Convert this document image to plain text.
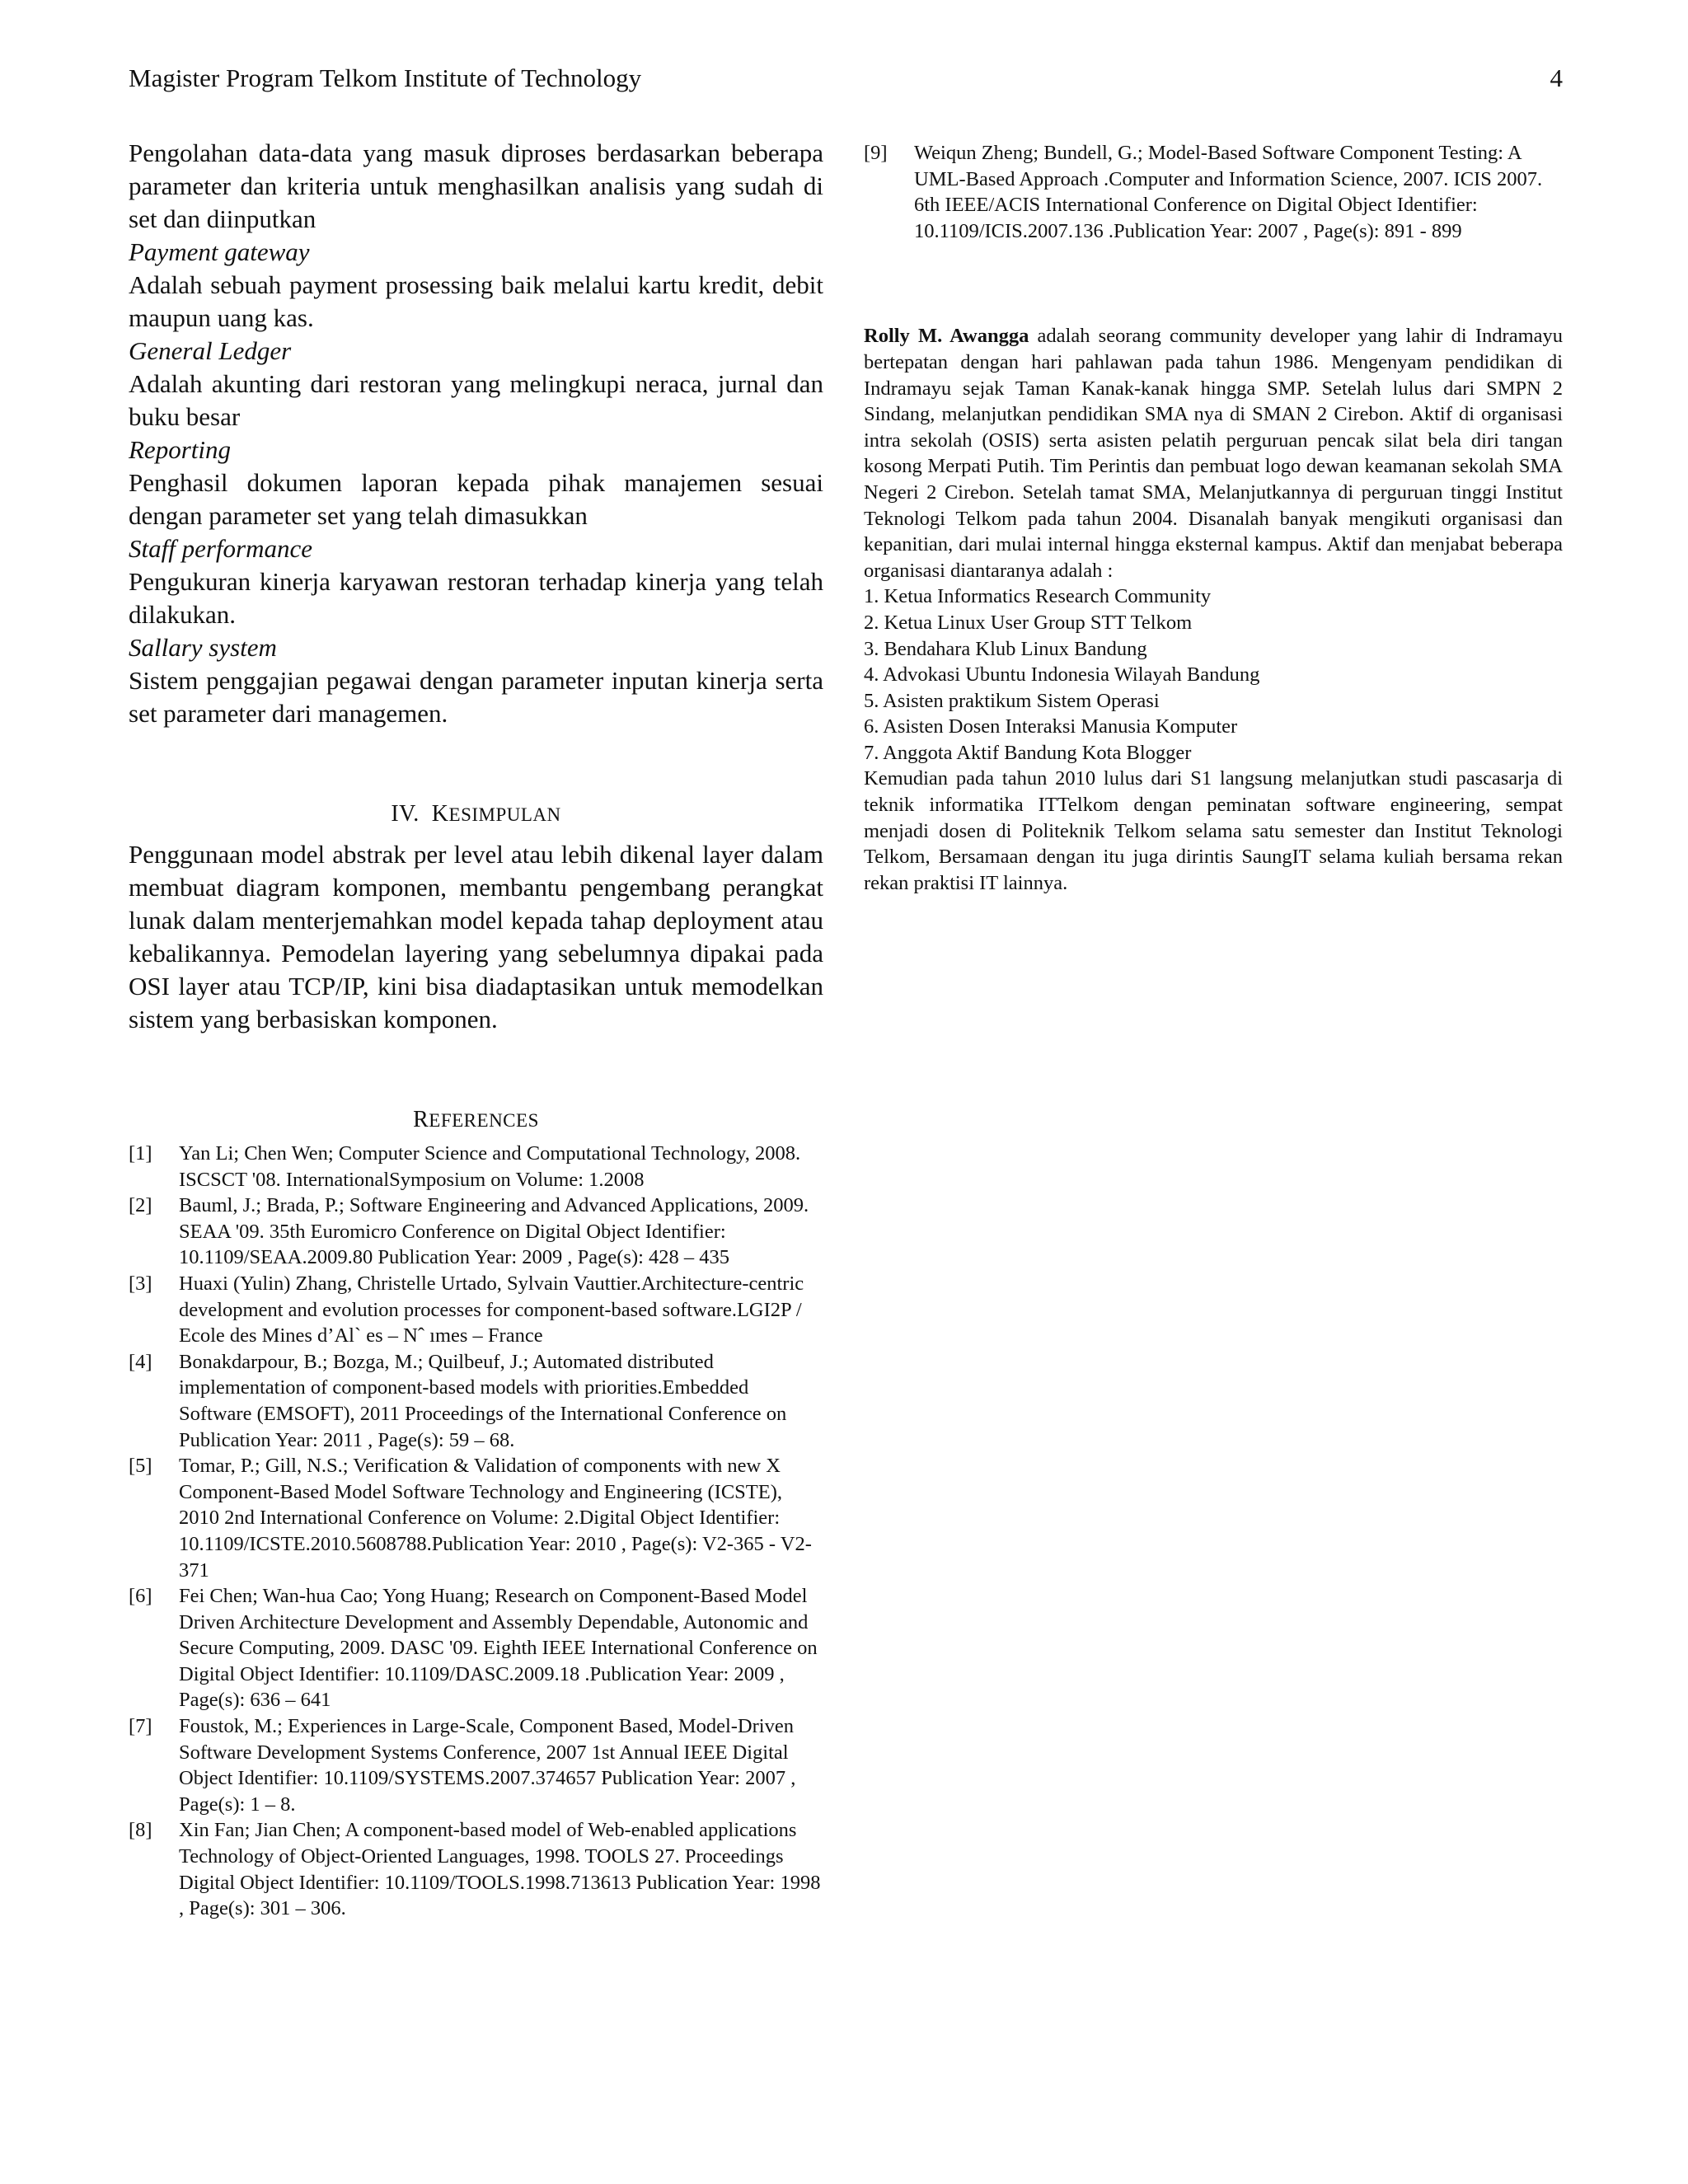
Magister Program Telkom Institute of Technology	4

Pengolahan data-data yang masuk diproses berdasarkan beberapa parameter dan kriteria untuk menghasilkan analisis yang sudah di set dan diinputkan

Payment gateway

Adalah sebuah payment prosessing baik melalui kartu kredit, debit maupun uang kas.

General Ledger

Adalah akunting dari restoran yang melingkupi neraca, jurnal dan buku besar

Reporting

Penghasil dokumen laporan kepada pihak manajemen sesuai dengan parameter set yang telah dimasukkan

Staff performance

Pengukuran kinerja karyawan restoran terhadap kinerja yang telah dilakukan.

Sallary system

Sistem penggajian pegawai dengan parameter inputan kinerja serta set parameter dari managemen.

IV. KESIMPULAN

Penggunaan model abstrak per level atau lebih dikenal layer dalam membuat diagram komponen, membantu pengembang perangkat lunak dalam menterjemahkan model kepada tahap deployment atau kebalikannya. Pemodelan layering yang sebelumnya dipakai pada OSI layer atau TCP/IP, kini bisa diadaptasikan untuk memodelkan sistem yang berbasiskan komponen.

REFERENCES

[1] Yan Li; Chen Wen; Computer Science and Computational Technology, 2008. ISCSCT '08. InternationalSymposium on Volume: 1.2008
[2] Bauml, J.; Brada, P.; Software Engineering and Advanced Applications, 2009. SEAA '09. 35th Euromicro Conference on Digital Object Identifier: 10.1109/SEAA.2009.80 Publication Year: 2009 , Page(s): 428 – 435
[3] Huaxi (Yulin) Zhang, Christelle Urtado, Sylvain Vauttier.Architecture-centric development and evolution processes for component-based software.LGI2P / Ecole des Mines d’Al` es – Nˆ ımes – France
[4] Bonakdarpour, B.; Bozga, M.; Quilbeuf, J.; Automated distributed implementation of component-based models with priorities.Embedded Software (EMSOFT), 2011 Proceedings of the International Conference on Publication Year: 2011 , Page(s): 59 – 68.
[5] Tomar, P.; Gill, N.S.; Verification & Validation of components with new X Component-Based Model Software Technology and Engineering (ICSTE), 2010 2nd International Conference on Volume: 2.Digital Object Identifier: 10.1109/ICSTE.2010.5608788.Publication Year: 2010 , Page(s): V2-365 - V2-371
[6] Fei Chen; Wan-hua Cao; Yong Huang; Research on Component-Based Model Driven Architecture Development and Assembly Dependable, Autonomic and Secure Computing, 2009. DASC '09. Eighth IEEE International Conference on Digital Object Identifier: 10.1109/DASC.2009.18 .Publication Year: 2009 , Page(s): 636 – 641
[7] Foustok, M.; Experiences in Large-Scale, Component Based, Model-Driven Software Development Systems Conference, 2007 1st Annual IEEE Digital Object Identifier: 10.1109/SYSTEMS.2007.374657 Publication Year: 2007 , Page(s): 1 – 8.
[8] Xin Fan; Jian Chen; A component-based model of Web-enabled applications Technology of Object-Oriented Languages, 1998. TOOLS 27. Proceedings Digital Object Identifier: 10.1109/TOOLS.1998.713613 Publication Year: 1998 , Page(s): 301 – 306.
[9] Weiqun Zheng; Bundell, G.; Model-Based Software Component Testing: A UML-Based Approach .Computer and Information Science, 2007. ICIS 2007. 6th IEEE/ACIS International Conference on Digital Object Identifier: 10.1109/ICIS.2007.136 .Publication Year: 2007 , Page(s): 891 - 899

Rolly M. Awangga adalah seorang community developer yang lahir di Indramayu bertepatan dengan hari pahlawan pada tahun 1986. Mengenyam pendidikan di Indramayu sejak Taman Kanak-kanak hingga SMP. Setelah lulus dari SMPN 2 Sindang, melanjutkan pendidikan SMA nya di SMAN 2 Cirebon. Aktif di organisasi intra sekolah (OSIS) serta asisten pelatih perguruan pencak silat bela diri tangan kosong Merpati Putih. Tim Perintis dan pembuat logo dewan keamanan sekolah SMA Negeri 2 Cirebon. Setelah tamat SMA, Melanjutkannya di perguruan tinggi Institut Teknologi Telkom pada tahun 2004. Disanalah banyak mengikuti organisasi dan kepanitian, dari mulai internal hingga eksternal kampus. Aktif dan menjabat beberapa organisasi diantaranya adalah :

1. Ketua Informatics Research Community
2. Ketua Linux User Group STT Telkom
3. Bendahara Klub Linux Bandung
4. Advokasi Ubuntu Indonesia Wilayah Bandung
5. Asisten praktikum Sistem Operasi
6. Asisten Dosen Interaksi Manusia Komputer
7. Anggota Aktif Bandung Kota Blogger

Kemudian pada tahun 2010 lulus dari S1 langsung melanjutkan studi pascasarja di teknik informatika ITTelkom dengan peminatan software engineering, sempat menjadi dosen di Politeknik Telkom selama satu semester dan Institut Teknologi Telkom, Bersamaan dengan itu juga dirintis SaungIT selama kuliah bersama rekan rekan praktisi IT lainnya.
